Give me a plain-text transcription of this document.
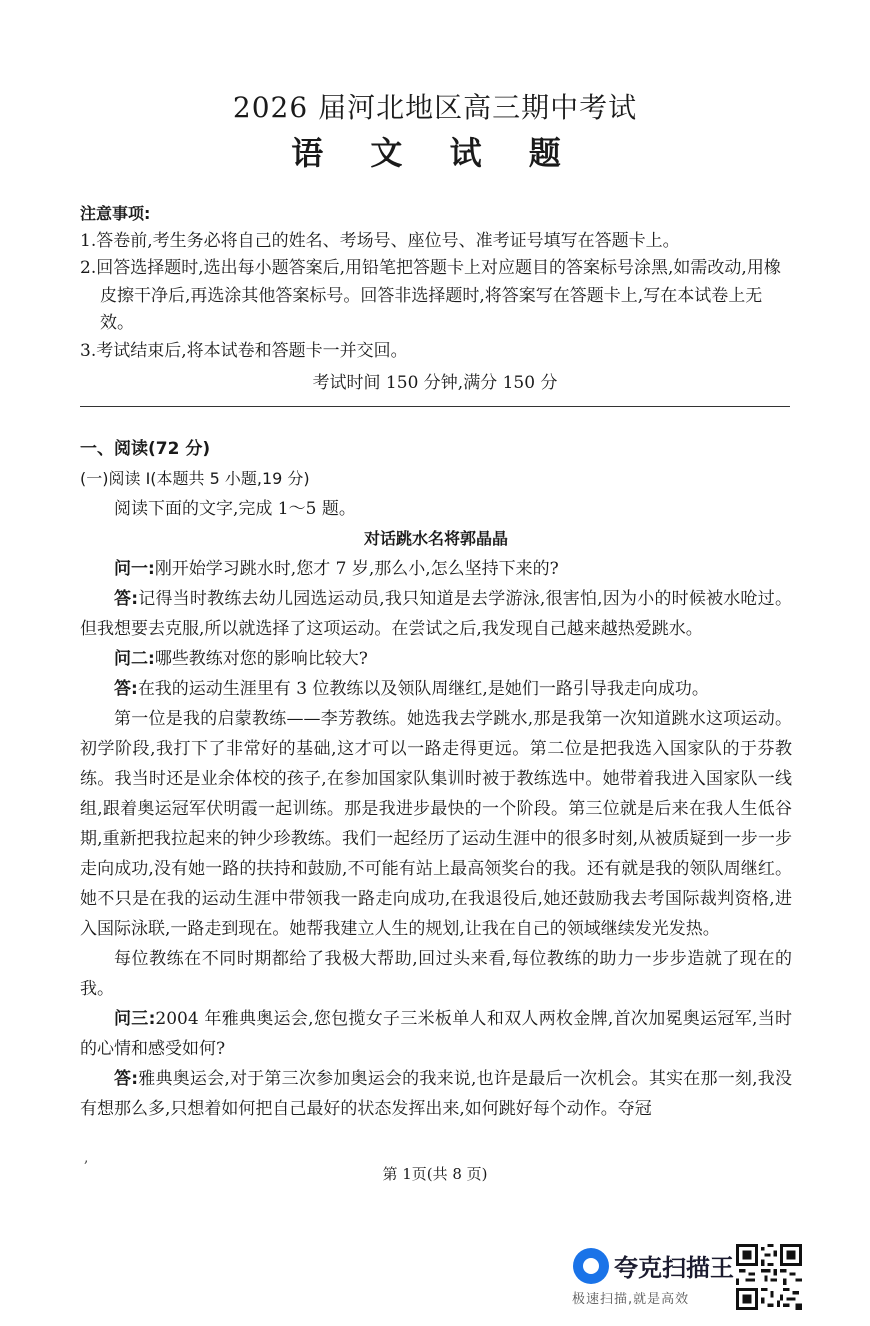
2026 届河北地区高三期中考试
语 文 试 题
注意事项:
1.答卷前,考生务必将自己的姓名、考场号、座位号、准考证号填写在答题卡上。
2.回答选择题时,选出每小题答案后,用铅笔把答题卡上对应题目的答案标号涂黑,如需改动,用橡皮擦干净后,再选涂其他答案标号。回答非选择题时,将答案写在答题卡上,写在本试卷上无效。
3.考试结束后,将本试卷和答题卡一并交回。
考试时间 150 分钟,满分 150 分

一、阅读(72 分)

(一)阅读 I(本题共 5 小题,19 分)

阅读下面的文字,完成 1～5 题。

对话跳水名将郭晶晶

问一:刚开始学习跳水时,您才 7 岁,那么小,怎么坚持下来的?

答:记得当时教练去幼儿园选运动员,我只知道是去学游泳,很害怕,因为小的时候被水呛过。但我想要去克服,所以就选择了这项运动。在尝试之后,我发现自己越来越热爱跳水。

问二:哪些教练对您的影响比较大?

答:在我的运动生涯里有 3 位教练以及领队周继红,是她们一路引导我走向成功。

第一位是我的启蒙教练——李芳教练。她选我去学跳水,那是我第一次知道跳水这项运动。初学阶段,我打下了非常好的基础,这才可以一路走得更远。第二位是把我选入国家队的于芬教练。我当时还是业余体校的孩子,在参加国家队集训时被于教练选中。她带着我进入国家队一线组,跟着奥运冠军伏明霞一起训练。那是我进步最快的一个阶段。第三位就是后来在我人生低谷期,重新把我拉起来的钟少珍教练。我们一起经历了运动生涯中的很多时刻,从被质疑到一步一步走向成功,没有她一路的扶持和鼓励,不可能有站上最高领奖台的我。还有就是我的领队周继红。她不只是在我的运动生涯中带领我一路走向成功,在我退役后,她还鼓励我去考国际裁判资格,进入国际泳联,一路走到现在。她帮我建立人生的规划,让我在自己的领域继续发光发热。

每位教练在不同时期都给了我极大帮助,回过头来看,每位教练的助力一步步造就了现在的我。

问三:2004 年雅典奥运会,您包揽女子三米板单人和双人两枚金牌,首次加冕奥运冠军,当时的心情和感受如何?

答:雅典奥运会,对于第三次参加奥运会的我来说,也许是最后一次机会。其实在那一刻,我没有想那么多,只想着如何把自己最好的状态发挥出来,如何跳好每个动作。夺冠

,
第 1页(共 8 页)
夸克扫描王
极速扫描,就是高效
